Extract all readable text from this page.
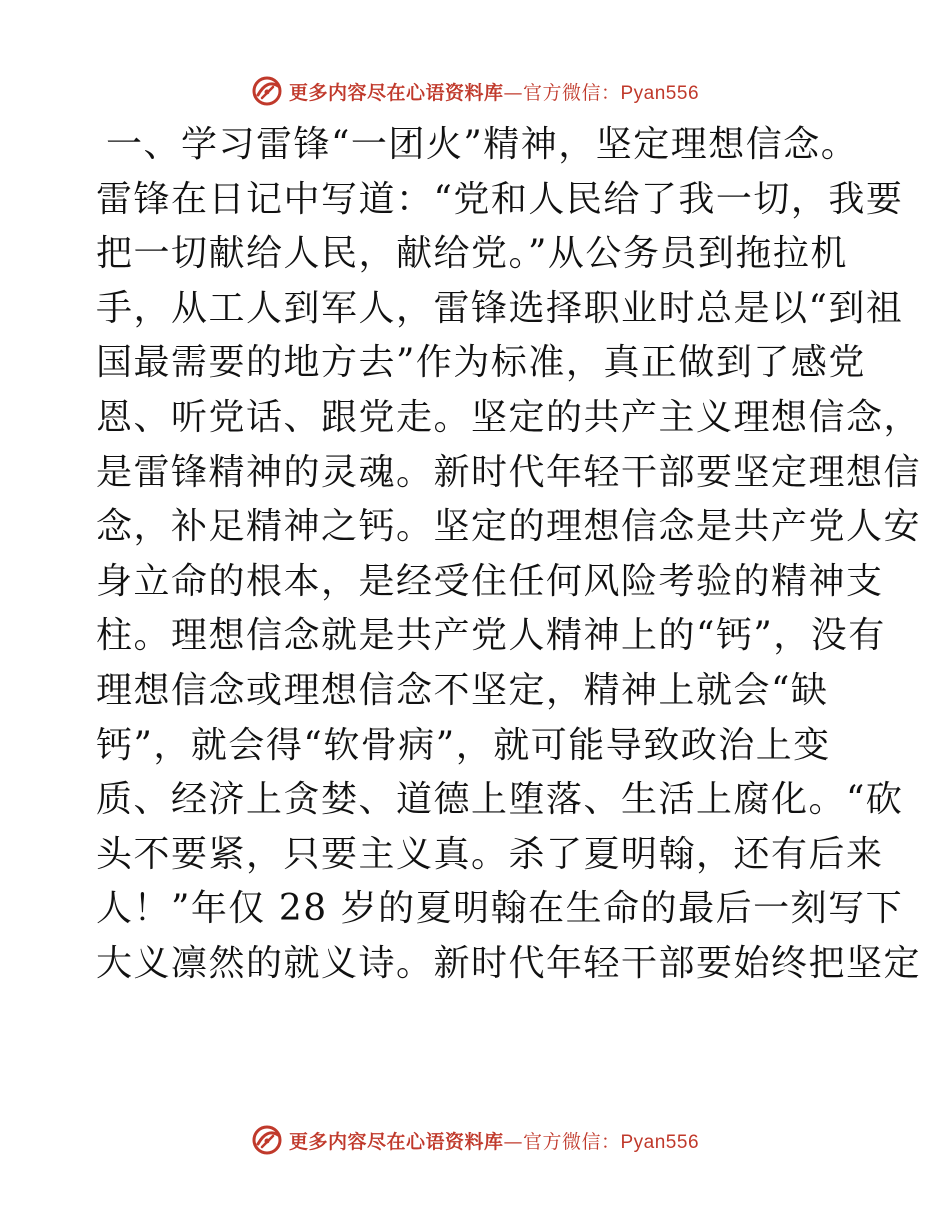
更多内容尽在心语资料库—官方微信：Pyan556
一、学习雷锋“一团火”精神，坚定理想信念。
雷锋在日记中写道：“党和人民给了我一切，我要
把一切献给人民，献给党。”从公务员到拖拉机
手，从工人到军人，雷锋选择职业时总是以“到祖
国最需要的地方去”作为标准，真正做到了感党
恩、听党话、跟党走。坚定的共产主义理想信念，
是雷锋精神的灵魂。新时代年轻干部要坚定理想信
念，补足精神之钙。坚定的理想信念是共产党人安
身立命的根本，是经受住任何风险考验的精神支
柱。理想信念就是共产党人精神上的“钙”，没有
理想信念或理想信念不坚定，精神上就会“缺
钙”，就会得“软骨病”，就可能导致政治上变
质、经济上贪婪、道德上堕落、生活上腐化。“砍
头不要紧，只要主义真。杀了夏明翰，还有后来
人！”年仅 28 岁的夏明翰在生命的最后一刻写下
大义凛然的就义诗。新时代年轻干部要始终把坚定
更多内容尽在心语资料库—官方微信：Pyan556
